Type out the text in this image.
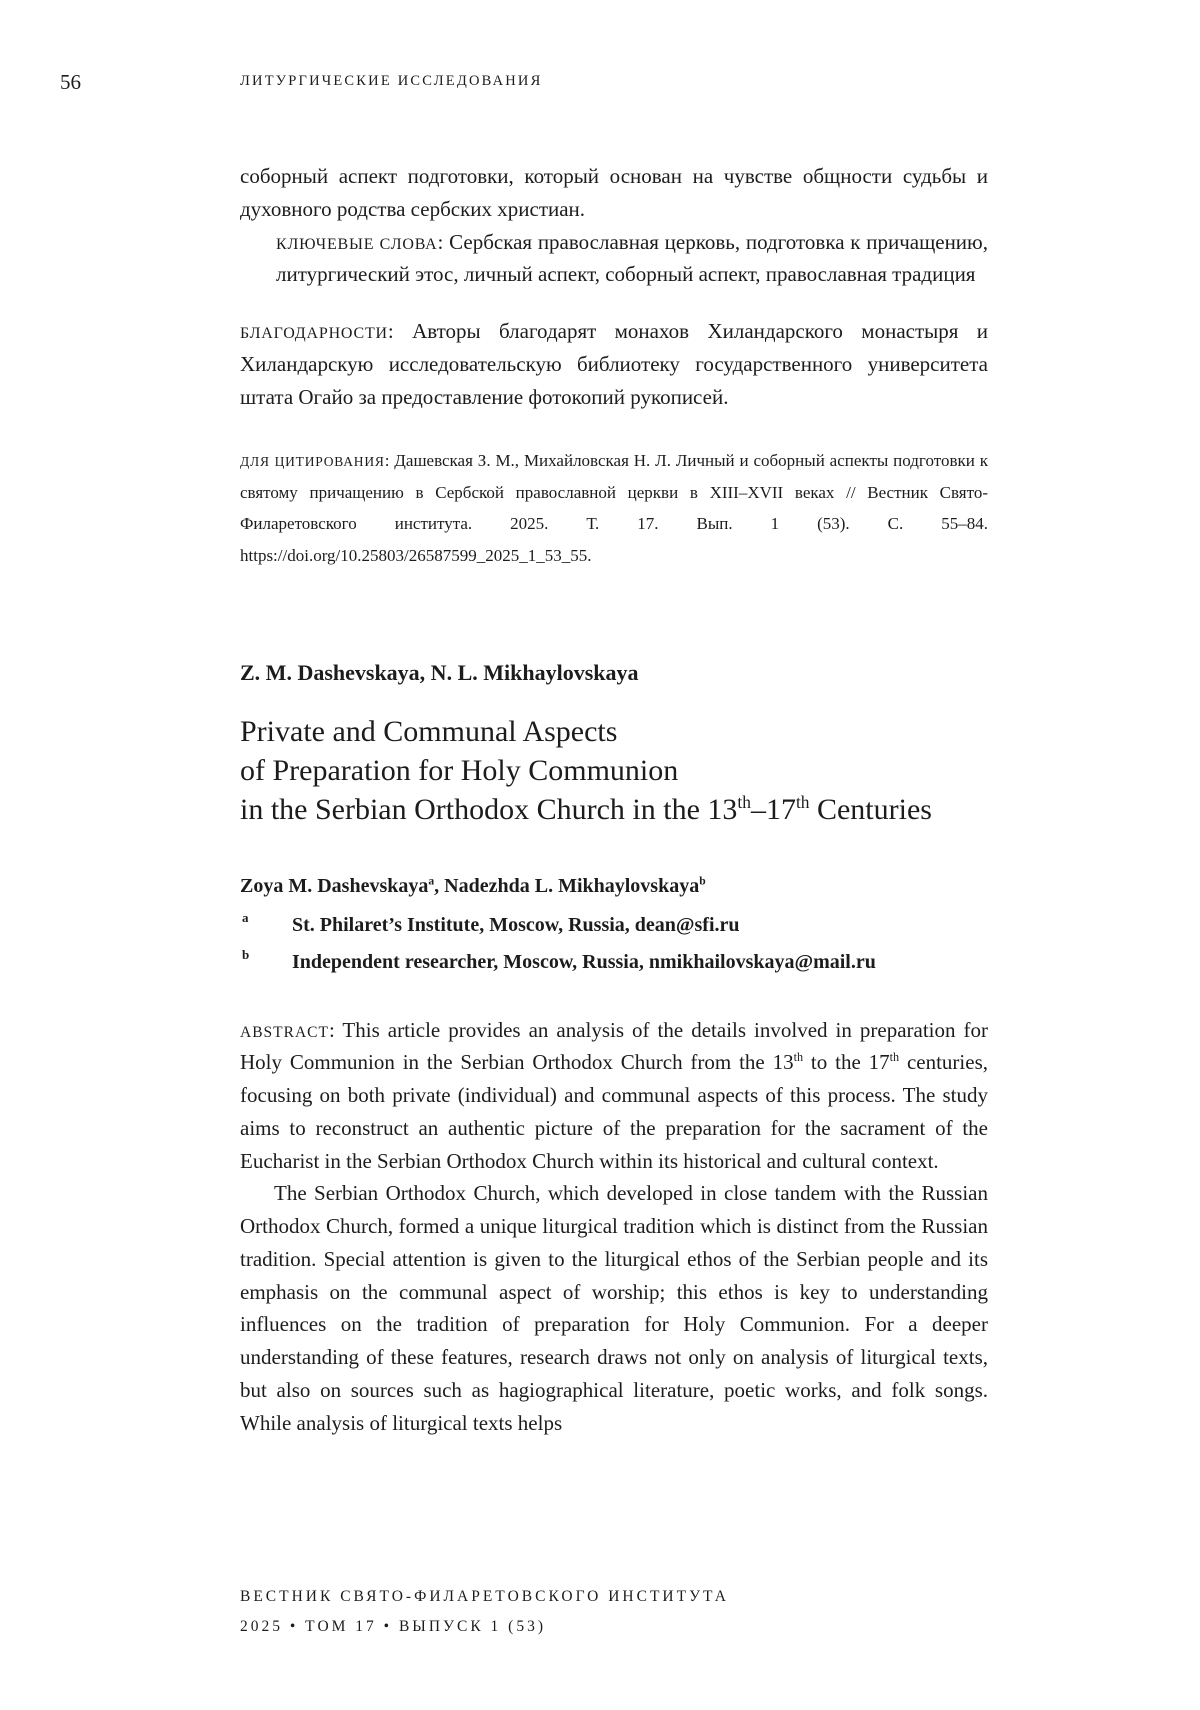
56	ЛИТУРГИЧЕСКИЕ ИССЛЕДОВАНИЯ

соборный аспект подготовки, который основан на чувстве общности судьбы и духовного родства сербских христиан.

КЛЮЧЕВЫЕ СЛОВА: Сербская православная церковь, подготовка к причащению, литургический этос, личный аспект, соборный аспект, православная традиция

БЛАГОДАРНОСТИ: Авторы благодарят монахов Хиландарского монастыря и Хиландарскую исследовательскую библиотеку государственного университета штата Огайо за предоставление фотокопий рукописей.

ДЛЯ ЦИТИРОВАНИЯ: Дашевская З. М., Михайловская Н. Л. Личный и соборный аспекты подготовки к святому причащению в Сербской православной церкви в XIII–XVII веках // Вестник Свято-Филаретовского института. 2025. Т. 17. Вып. 1 (53). С. 55–84. https://doi.org/10.25803/26587599_2025_1_53_55.

Z. M. Dashevskaya, N. L. Mikhaylovskaya
Private and Communal Aspects
of Preparation for Holy Communion
in the Serbian Orthodox Church in the 13th–17th Centuries
Zoya M. Dashevskaya$^a$, Nadezhda L. Mikhaylovskaya$^b$

a St. Philaret’s Institute, Moscow, Russia, dean@sfi.ru

b Independent researcher, Moscow, Russia, nmikhailovskaya@mail.ru

ABSTRACT: This article provides an analysis of the details involved in preparation for Holy Communion in the Serbian Orthodox Church from the 13th to the 17th centuries, focusing on both private (individual) and communal aspects of this process. The study aims to reconstruct an authentic picture of the preparation for the sacrament of the Eucharist in the Serbian Orthodox Church within its historical and cultural context.

The Serbian Orthodox Church, which developed in close tandem with the Russian Orthodox Church, formed a unique liturgical tradition which is distinct from the Russian tradition. Special attention is given to the liturgical ethos of the Serbian people and its emphasis on the communal aspect of worship; this ethos is key to understanding influences on the tradition of preparation for Holy Communion. For a deeper understanding of these features, research draws not only on analysis of liturgical texts, but also on sources such as hagiographical literature, poetic works, and folk songs. While analysis of liturgical texts helps

ВЕСТНИК СВЯТО-ФИЛАРЕТОВСКОГО ИНСТИТУТА
2025 • ТОМ 17 • ВЫПУСК 1 (53)
